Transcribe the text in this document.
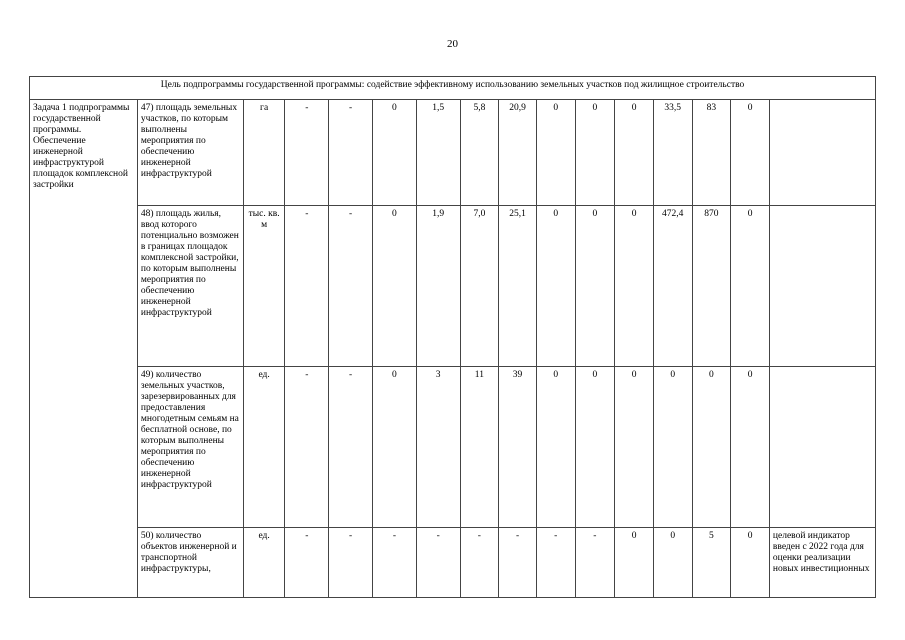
20
Цель подпрограммы государственной программы: содействие эффективному использованию земельных участков под жилищное строительство															
Задача 1 подпрограммы государственной программы. Обеспечение инженерной инфраструктурой площадок комплексной застройки	47) площадь земельных участков, по которым выполнены мероприятия по обеспечению инженерной инфраструктурой	га	-	-	0	1,5	5,8	20,9	0	0	0	33,5	83	0	
	48) площадь жилья, ввод которого потенциально возможен в границах площадок комплексной застройки, по которым выполнены мероприятия по обеспечению инженерной инфраструктурой	тыс. кв. м	-	-	0	1,9	7,0	25,1	0	0	0	472,4	870	0	
	49) количество земельных участков, зарезервированных для предоставления многодетным семьям на бесплатной основе, по которым выполнены мероприятия по обеспечению инженерной инфраструктурой	ед.	-	-	0	3	11	39	0	0	0	0	0	0	
	50) количество объектов инженерной и транспортной инфраструктуры,	ед.	-	-	-	-	-	-	-	-	0	0	5	0	целевой индикатор введен с 2022 года для оценки реализации новых инвестиционных
